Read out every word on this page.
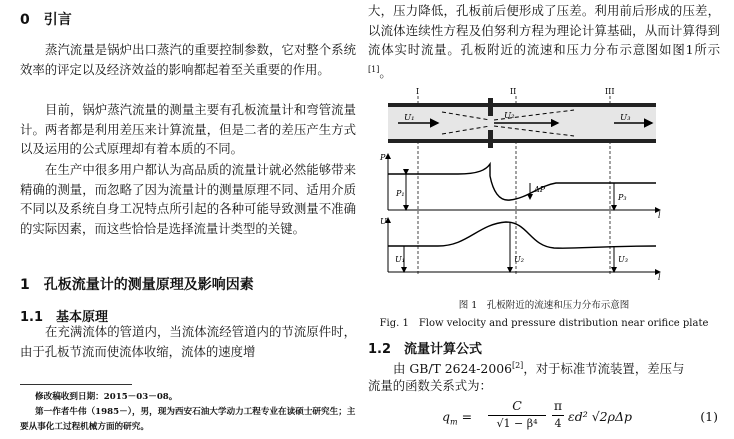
0　引言
蒸汽流量是锅炉出口蒸汽的重要控制参数，它对整个系统效率的评定以及经济效益的影响都起着至关重要的作用。
目前，锅炉蒸汽流量的测量主要有孔板流量计和弯管流量计。两者都是利用差压来计算流量，但是二者的差压产生方式以及运用的公式原理却有着本质的不同。
在生产中很多用户都认为高品质的流量计就必然能够带来精确的测量，而忽略了因为流量计的测量原理不同、适用介质不同以及系统自身工况特点所引起的各种可能导致测量不准确的实际因素，而这些恰恰是选择流量计类型的关键。
1　孔板流量计的测量原理及影响因素
1.1　基本原理
在充满流体的管道内，当流体流经管道内的节流原件时，由于孔板节流而使流体收缩，流体的速度增
修改稿收到日期：2015－03－08。
第一作者牛伟（1985－），男，现为西安石油大学动力工程专业在读硕士研究生；主要从事化工过程机械方面的研究。
大，压力降低，孔板前后便形成了压差。利用前后形成的压差，以流体连续性方程及伯努利方程为理论计算基础，从而计算得到流体实时流量。孔板附近的流速和压力分布示意图如图1所示[1]。
I	II	III
U₁	U₂	U₃
P
P₁	ΔP
P₃
l
U
U₁	U₂	U₃
l
图 1　孔板附近的流速和压力分布示意图
Fig. 1　Flow velocity and pressure distribution near orifice plate
1.2　流量计算公式
由 GB/T 2624-2006[2]，对于标准节流装置，差压与
流量的函数关系式为：
$q_m$ =
C
√1 − β⁴
π
4 εd² √2ρΔp	(1)
